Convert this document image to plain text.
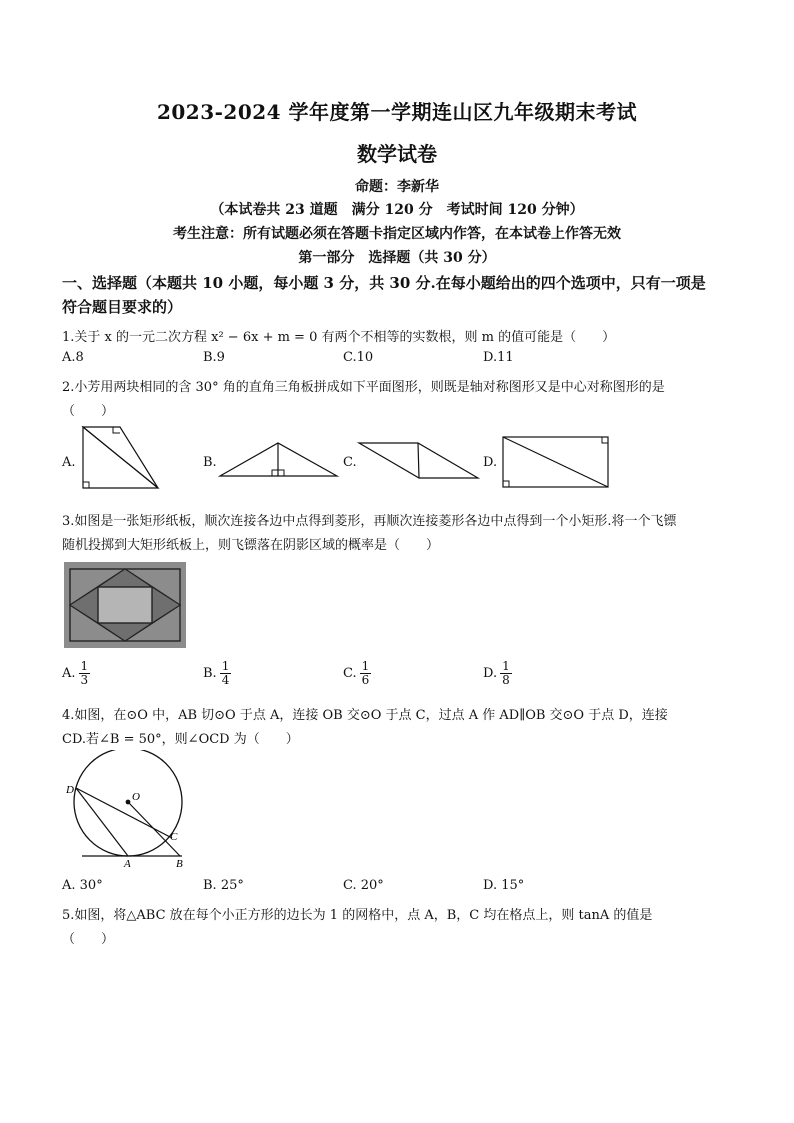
2023-2024 学年度第一学期连山区九年级期末考试
数学试卷
命题：李新华
（本试卷共 23 道题　满分 120 分　考试时间 120 分钟）
考生注意：所有试题必须在答题卡指定区域内作答，在本试卷上作答无效
第一部分　选择题（共 30 分）
一、选择题（本题共 10 小题，每小题 3 分，共 30 分.在每小题给出的四个选项中，只有一项是
符合题目要求的）
1.关于 x 的一元二次方程 x² − 6x + m = 0 有两个不相等的实数根，则 m 的值可能是（　　）
A.8	B.9	C.10	D.11
2.小芳用两块相同的含 30° 角的直角三角板拼成如下平面图形，则既是轴对称图形又是中心对称图形的是
（　　）
A.	B.	C.	D.
3.如图是一张矩形纸板，顺次连接各边中点得到菱形，再顺次连接菱形各边中点得到一个小矩形.将一个飞镖
随机投掷到大矩形纸板上，则飞镖落在阴影区域的概率是（　　）
A. $\frac{1}{3}$	B. $\frac{1}{4}$	C. $\frac{1}{6}$	D. $\frac{1}{8}$
4.如图，在⊙O 中，AB 切⊙O 于点 A，连接 OB 交⊙O 于点 C，过点 A 作 AD∥OB 交⊙O 于点 D，连接
CD.若∠B = 50°，则∠OCD 为（　　）
D
O
C
A	B
A. 30°	B. 25°	C. 20°	D. 15°
5.如图，将△ABC 放在每个小正方形的边长为 1 的网格中，点 A，B，C 均在格点上，则 tanA 的值是
（　　）
